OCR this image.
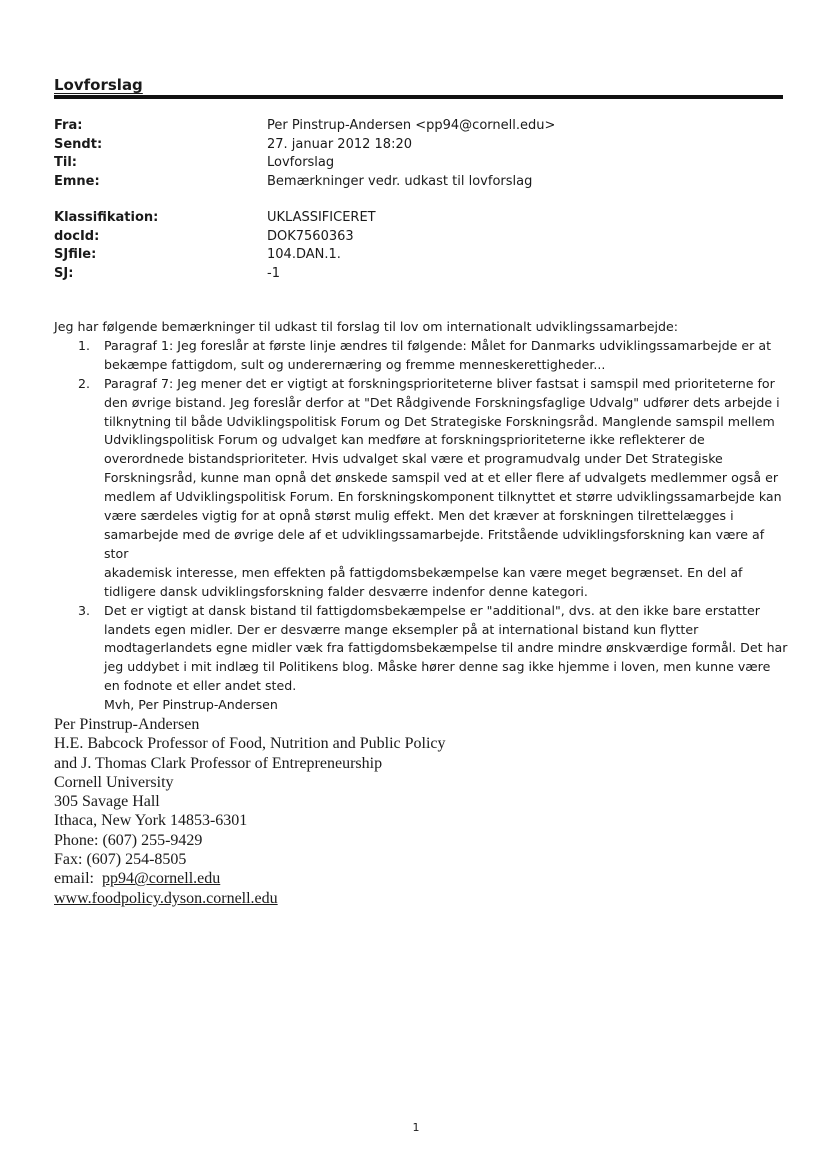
Lovforslag
Fra:	Per Pinstrup-Andersen <pp94@cornell.edu>
Sendt:	27. januar 2012 18:20
Til:	Lovforslag
Emne:	Bemærkninger vedr. udkast til lovforslag
Klassifikation:	UKLASSIFICERET
docId:	DOK7560363
SJfile:	104.DAN.1.
SJ:	-1

Jeg har følgende bemærkninger til udkast til forslag til lov om internationalt udviklingssamarbejde:

1. Paragraf 1: Jeg foreslår at første linje ændres til følgende: Målet for Danmarks udviklingssamarbejde er at
bekæmpe fattigdom, sult og underernæring og fremme menneskerettigheder...
2. Paragraf 7: Jeg mener det er vigtigt at forskningsprioriteterne bliver fastsat i samspil med prioriteterne for
den øvrige bistand. Jeg foreslår derfor at "Det Rådgivende Forskningsfaglige Udvalg" udfører dets arbejde i
tilknytning til både Udviklingspolitisk Forum og Det Strategiske Forskningsråd. Manglende samspil mellem
Udviklingspolitisk Forum og udvalget kan medføre at forskningsprioriteterne ikke reflekterer de
overordnede bistandsprioriteter. Hvis udvalget skal være et programudvalg under Det Strategiske
Forskningsråd, kunne man opnå det ønskede samspil ved at et eller flere af udvalgets medlemmer også er
medlem af Udviklingspolitisk Forum. En forskningskomponent tilknyttet et større udviklingssamarbejde kan
være særdeles vigtig for at opnå størst mulig effekt. Men det kræver at forskningen tilrettelægges i
samarbejde med de øvrige dele af et udviklingssamarbejde. Fritstående udviklingsforskning kan være af stor
akademisk interesse, men effekten på fattigdomsbekæmpelse kan være meget begrænset. En del af
tidligere dansk udviklingsforskning falder desværre indenfor denne kategori.
3. Det er vigtigt at dansk bistand til fattigdomsbekæmpelse er "additional", dvs. at den ikke bare erstatter
landets egen midler. Der er desværre mange eksempler på at international bistand kun flytter
modtagerlandets egne midler væk fra fattigdomsbekæmpelse til andre mindre ønskværdige formål. Det har
jeg uddybet i mit indlæg til Politikens blog. Måske hører denne sag ikke hjemme i loven, men kunne være
en fodnote et eller andet sted.
Mvh, Per Pinstrup-Andersen
Per Pinstrup-Andersen
H.E. Babcock Professor of Food, Nutrition and Public Policy
and J. Thomas Clark Professor of Entrepreneurship
Cornell University
305 Savage Hall
Ithaca, New York 14853-6301
Phone: (607) 255-9429
Fax: (607) 254-8505
email:  pp94@cornell.edu
www.foodpolicy.dyson.cornell.edu
1
